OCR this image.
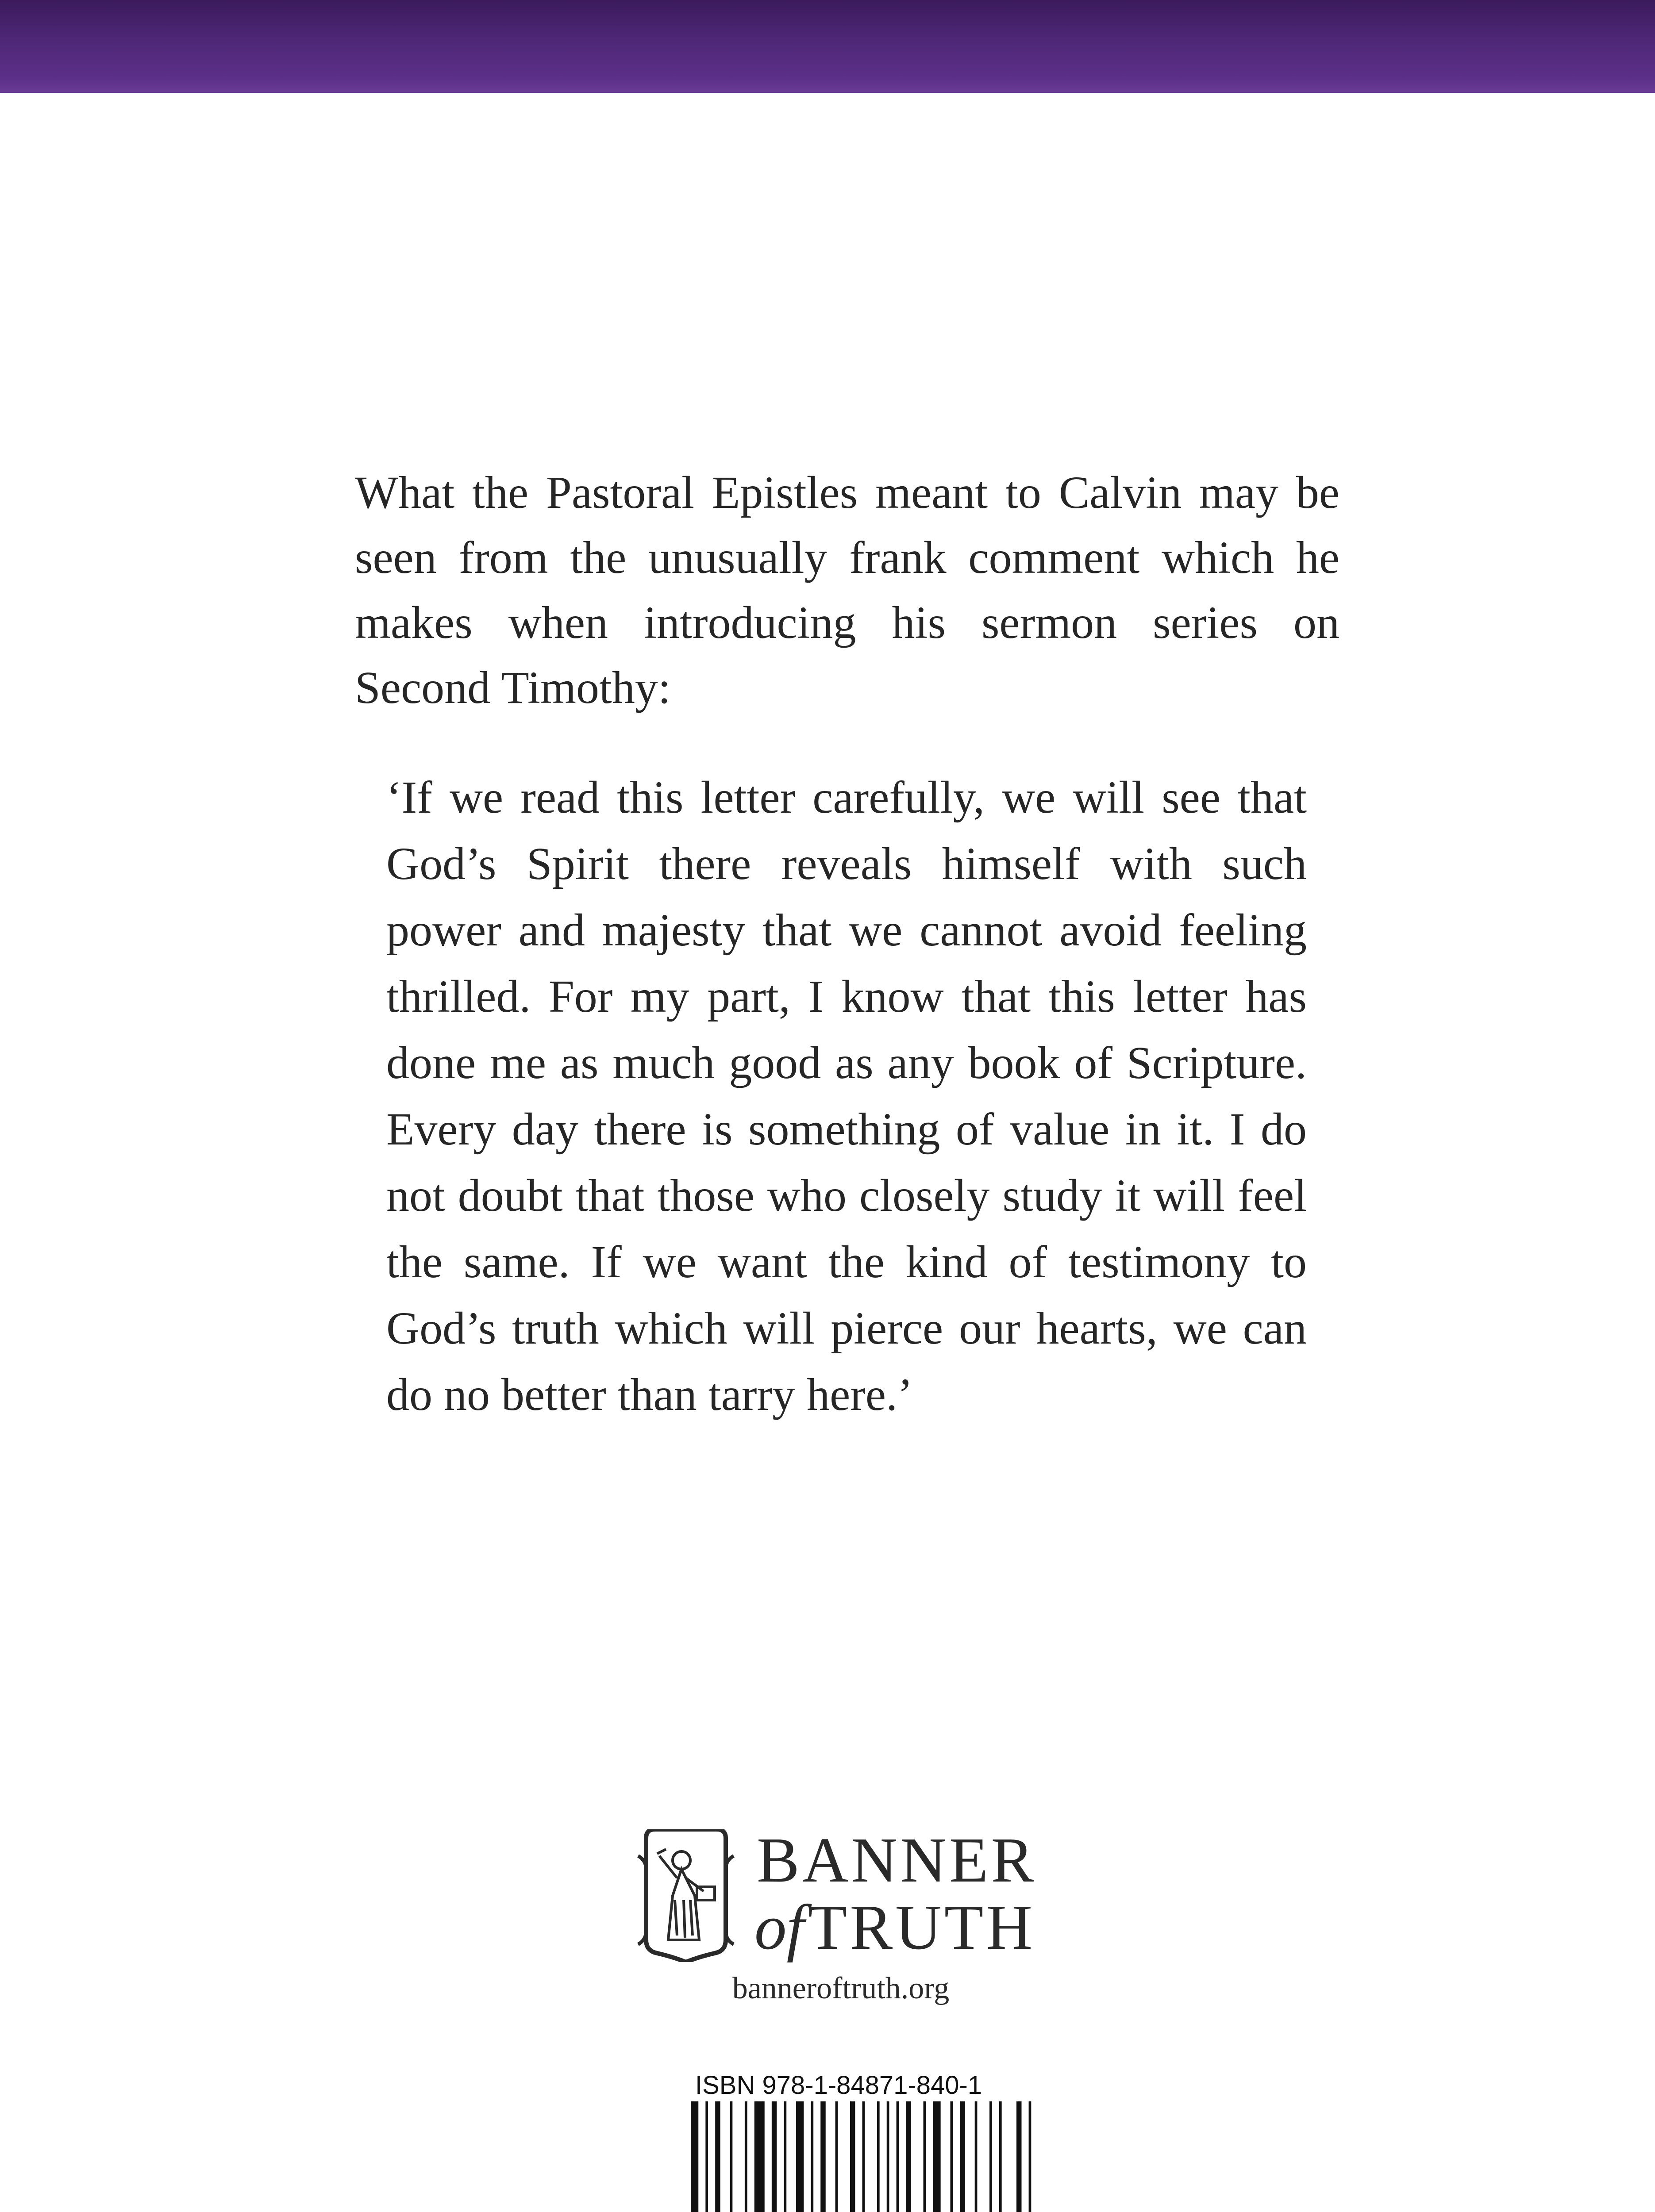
What the Pastoral Epistles meant to Calvin may be seen from the unusually frank comment which he makes when introducing his sermon series on Second Timothy:

‘If we read this letter carefully, we will see that God’s Spirit there reveals himself with such power and majesty that we cannot avoid feeling thrilled. For my part, I know that this letter has done me as much good as any book of Scripture. Every day there is something of value in it. I do not doubt that those who closely study it will feel the same. If we want the kind of testimony to God’s truth which will pierce our hearts, we can do no better than tarry here.’

BANNER
ofTRUTH
banneroftruth.org
ISBN 978-1-84871-840-1
